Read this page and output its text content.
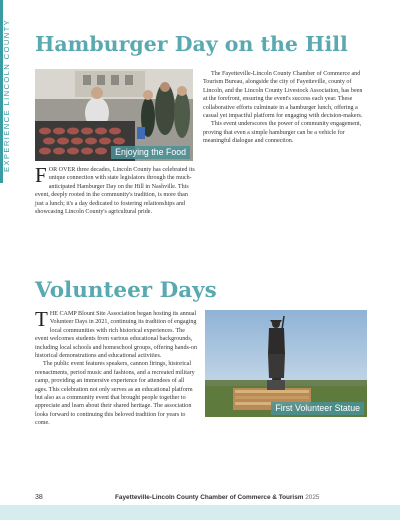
EXPERIENCE LINCOLN COUNTY Hamburger Day on the Hill
Enjoying the Food

The Fayetteville-Lincoln County Chamber of Commerce and Tourism Bureau, alongside the city of Fayetteville, county of Lincoln, and the Lincoln County Livestock Association, has been at the forefront, ensuring the event's success each year. These collaborative efforts culminate in a hamburger lunch, offering a casual yet impactful platform for engaging with decision-makers.

This event underscores the power of community engagement, proving that even a simple hamburger can be a vehicle for meaningful dialogue and connection.

FOR OVER three decades, Lincoln County has celebrated its unique connection with state legislators through the much-anticipated Hamburger Day on the Hill in Nashville. This event, deeply rooted in the community's tradition, is more than just a lunch; it's a day dedicated to fostering relationships and showcasing Lincoln County's agricultural pride.

Volunteer Days

THE CAMP Blount Site Association began hosting its annual Volunteer Days in 2021, continuing its tradition of engaging local communities with rich historical experiences. The event welcomes students from various educational backgrounds, including local schools and homeschool groups, offering hands-on historical demonstrations and educational activities.

The public event features speakers, cannon firings, historical reenactments, period music and fashions, and a recreated military camp, providing an immersive experience for attendees of all ages. This celebration not only serves as an educational platform but also as a community event that brought people together to appreciate and learn about their shared heritage. The association looks forward to continuing this beloved tradition for years to come.

First Volunteer Statue
38	Fayetteville-Lincoln County Chamber of Commerce & Tourism 2025
